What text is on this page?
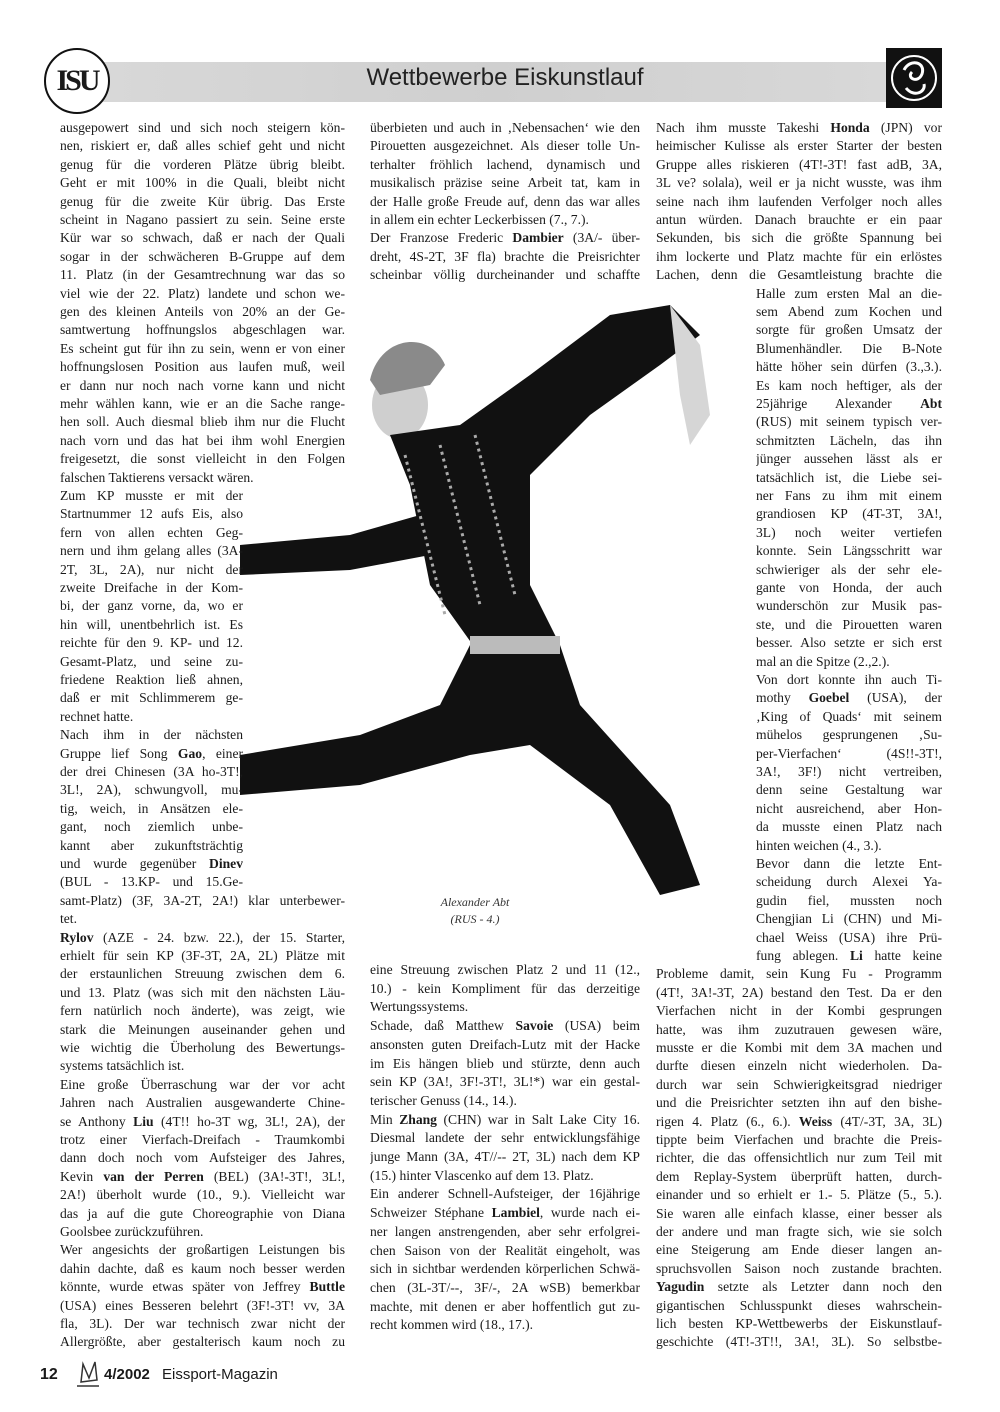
ISU	Wettbewerbe Eiskunstlauf
Alexander Abt
(RUS - 4.)
ausgepowert sind und sich noch steigern kön-
nen, riskiert er, daß alles schief geht und nicht
genug für die vorderen Plätze übrig bleibt.
Geht er mit 100% in die Quali, bleibt nicht
genug für die zweite Kür übrig. Das Erste
scheint in Nagano passiert zu sein. Seine erste
Kür war so schwach, daß er nach der Quali
sogar in der schwächeren B-Gruppe auf dem
11. Platz (in der Gesamtrechnung war das so
viel wie der 22. Platz) landete und schon we-
gen des kleinen Anteils von 20% an der Ge-
samtwertung hoffnungslos abgeschlagen war.
Es scheint gut für ihn zu sein, wenn er von einer
hoffnungslosen Position aus laufen muß, weil
er dann nur noch nach vorne kann und nicht
mehr wählen kann, wie er an die Sache range-
hen soll. Auch diesmal blieb ihm nur die Flucht
nach vorn und das hat bei ihm wohl Energien
freigesetzt, die sonst vielleicht in den Folgen
falschen Taktierens versackt wären.
Zum KP musste er mit der
Startnummer 12 aufs Eis, also
fern von allen echten Geg-
nern und ihm gelang alles (3A-
2T, 3L, 2A), nur nicht der
zweite Dreifache in der Kom-
bi, der ganz vorne, da, wo er
hin will, unentbehrlich ist. Es
reichte für den 9. KP- und 12.
Gesamt-Platz, und seine zu-
friedene Reaktion ließ ahnen,
daß er mit Schlimmerem ge-
rechnet hatte.
Nach ihm in der nächsten
Gruppe lief Song Gao, einer
der drei Chinesen (3A ho-3T!,
3L!, 2A), schwungvoll, mu-
tig, weich, in Ansätzen ele-
gant, noch ziemlich unbe-
kannt aber zukunftsträchtig
und wurde gegenüber Dinev
(BUL - 13.KP- und 15.Ge-
samt-Platz) (3F, 3A-2T, 2A!) klar unterbewer-
tet.
Rylov (AZE - 24. bzw. 22.), der 15. Starter,
erhielt für sein KP (3F-3T, 2A, 2L) Plätze mit
der erstaunlichen Streuung zwischen dem 6.
und 13. Platz (was sich mit den nächsten Läu-
fern natürlich noch änderte), was zeigt, wie
stark die Meinungen auseinander gehen und
wie wichtig die Überholung des Bewertungs-
systems tatsächlich ist.
Eine große Überraschung war der vor acht
Jahren nach Australien ausgewanderte Chine-
se Anthony Liu (4T!! ho-3T wg, 3L!, 2A), der
trotz einer Vierfach-Dreifach - Traumkombi
dann doch noch vom Aufsteiger des Jahres,
Kevin van der Perren (BEL) (3A!-3T!, 3L!,
2A!) überholt wurde (10., 9.). Vielleicht war
das ja auf die gute Choreographie von Diana
Goolsbee zurückzuführen.
Wer angesichts der großartigen Leistungen bis
dahin dachte, daß es kaum noch besser werden
könnte, wurde etwas später von Jeffrey Buttle
(USA) eines Besseren belehrt (3F!-3T! vv, 3A
fla, 3L). Der war technisch zwar nicht der
Allergrößte, aber gestalterisch kaum noch zu
überbieten und auch in ‚Nebensachen‘ wie den
Pirouetten ausgezeichnet. Als dieser tolle Un-
terhalter fröhlich lachend, dynamisch und
musikalisch präzise seine Arbeit tat, kam in
der Halle große Freude auf, denn das war alles
in allem ein echter Leckerbissen (7., 7.).
Der Franzose Frederic Dambier (3A/- über-
dreht, 4S-2T, 3F fla) brachte die Preisrichter
scheinbar völlig durcheinander und schaffte
eine Streuung zwischen Platz 2 und 11 (12.,
10.) - kein Kompliment für das derzeitige
Wertungssystems.
Schade, daß Matthew Savoie (USA) beim
ansonsten guten Dreifach-Lutz mit der Hacke
im Eis hängen blieb und stürzte, denn auch
sein KP (3A!, 3F!-3T!, 3L!*) war ein gestal-
terischer Genuss (14., 14.).
Min Zhang (CHN) war in Salt Lake City 16.
Diesmal landete der sehr entwicklungsfähige
junge Mann (3A, 4T//-- 2T, 3L) nach dem KP
(15.) hinter Vlascenko auf dem 13. Platz.
Ein anderer Schnell-Aufsteiger, der 16jährige
Schweizer Stéphane Lambiel, wurde nach ei-
ner langen anstrengenden, aber sehr erfolgrei-
chen Saison von der Realität eingeholt, was
sich in sichtbar werdenden körperlichen Schwä-
chen (3L-3T/--, 3F/-, 2A wSB) bemerkbar
machte, mit denen er aber hoffentlich gut zu-
recht kommen wird (18., 17.).
Nach ihm musste Takeshi Honda (JPN) vor
heimischer Kulisse als erster Starter der besten
Gruppe alles riskieren (4T!-3T! fast adB, 3A,
3L ve? solala), weil er ja nicht wusste, was ihm
seine nach ihm laufenden Verfolger noch alles
antun würden. Danach brauchte er ein paar
Sekunden, bis sich die größte Spannung bei
ihm lockerte und Platz machte für ein erlöstes
Lachen, denn die Gesamtleistung brachte die
Halle zum ersten Mal an die-
sem Abend zum Kochen und
sorgte für großen Umsatz der
Blumenhändler. Die B-Note
hätte höher sein dürfen (3.,3.).
Es kam noch heftiger, als der
25jährige Alexander Abt
(RUS) mit seinem typisch ver-
schmitzten Lächeln, das ihn
jünger aussehen lässt als er
tatsächlich ist, die Liebe sei-
ner Fans zu ihm mit einem
grandiosen KP (4T-3T, 3A!,
3L) noch weiter vertiefen
konnte. Sein Längsschritt war
schwieriger als der sehr ele-
gante von Honda, der auch
wunderschön zur Musik pas-
ste, und die Pirouetten waren
besser. Also setzte er sich erst
mal an die Spitze (2.,2.).
Von dort konnte ihn auch Ti-
mothy Goebel (USA), der
‚King of Quads‘ mit seinem
mühelos gesprungenen ‚Su-
per-Vierfachen‘ (4S!!-3T!,
3A!, 3F!) nicht vertreiben,
denn seine Gestaltung war
nicht ausreichend, aber Hon-
da musste einen Platz nach
hinten weichen (4., 3.).
Bevor dann die letzte Ent-
scheidung durch Alexei Ya-
gudin fiel, mussten noch
Chengjian Li (CHN) und Mi-
chael Weiss (USA) ihre Prü-
fung ablegen. Li hatte keine
Probleme damit, sein Kung Fu - Programm
(4T!, 3A!-3T, 2A) bestand den Test. Da er den
Vierfachen nicht in der Kombi gesprungen
hatte, was ihm zuzutrauen gewesen wäre,
musste er die Kombi mit dem 3A machen und
durfte diesen einzeln nicht wiederholen. Da-
durch war sein Schwierigkeitsgrad niedriger
und die Preisrichter setzten ihn auf den bishe-
rigen 4. Platz (6., 6.). Weiss (4T/-3T, 3A, 3L)
tippte beim Vierfachen und brachte die Preis-
richter, die das offensichtlich nur zum Teil mit
dem Replay-System überprüft hatten, durch-
einander und so erhielt er 1.- 5. Plätze (5., 5.).
Sie waren alle einfach klasse, einer besser als
der andere und man fragte sich, wie sie solch
eine Steigerung am Ende dieser langen an-
spruchsvollen Saison noch zustande brachten.
Yagudin setzte als Letzter dann noch den
gigantischen Schlusspunkt dieses wahrschein-
lich besten KP-Wettbewerbs der Eiskunstlauf-
geschichte (4T!-3T!!, 3A!, 3L). So selbstbe-
12	4/2002 Eissport-Magazin
